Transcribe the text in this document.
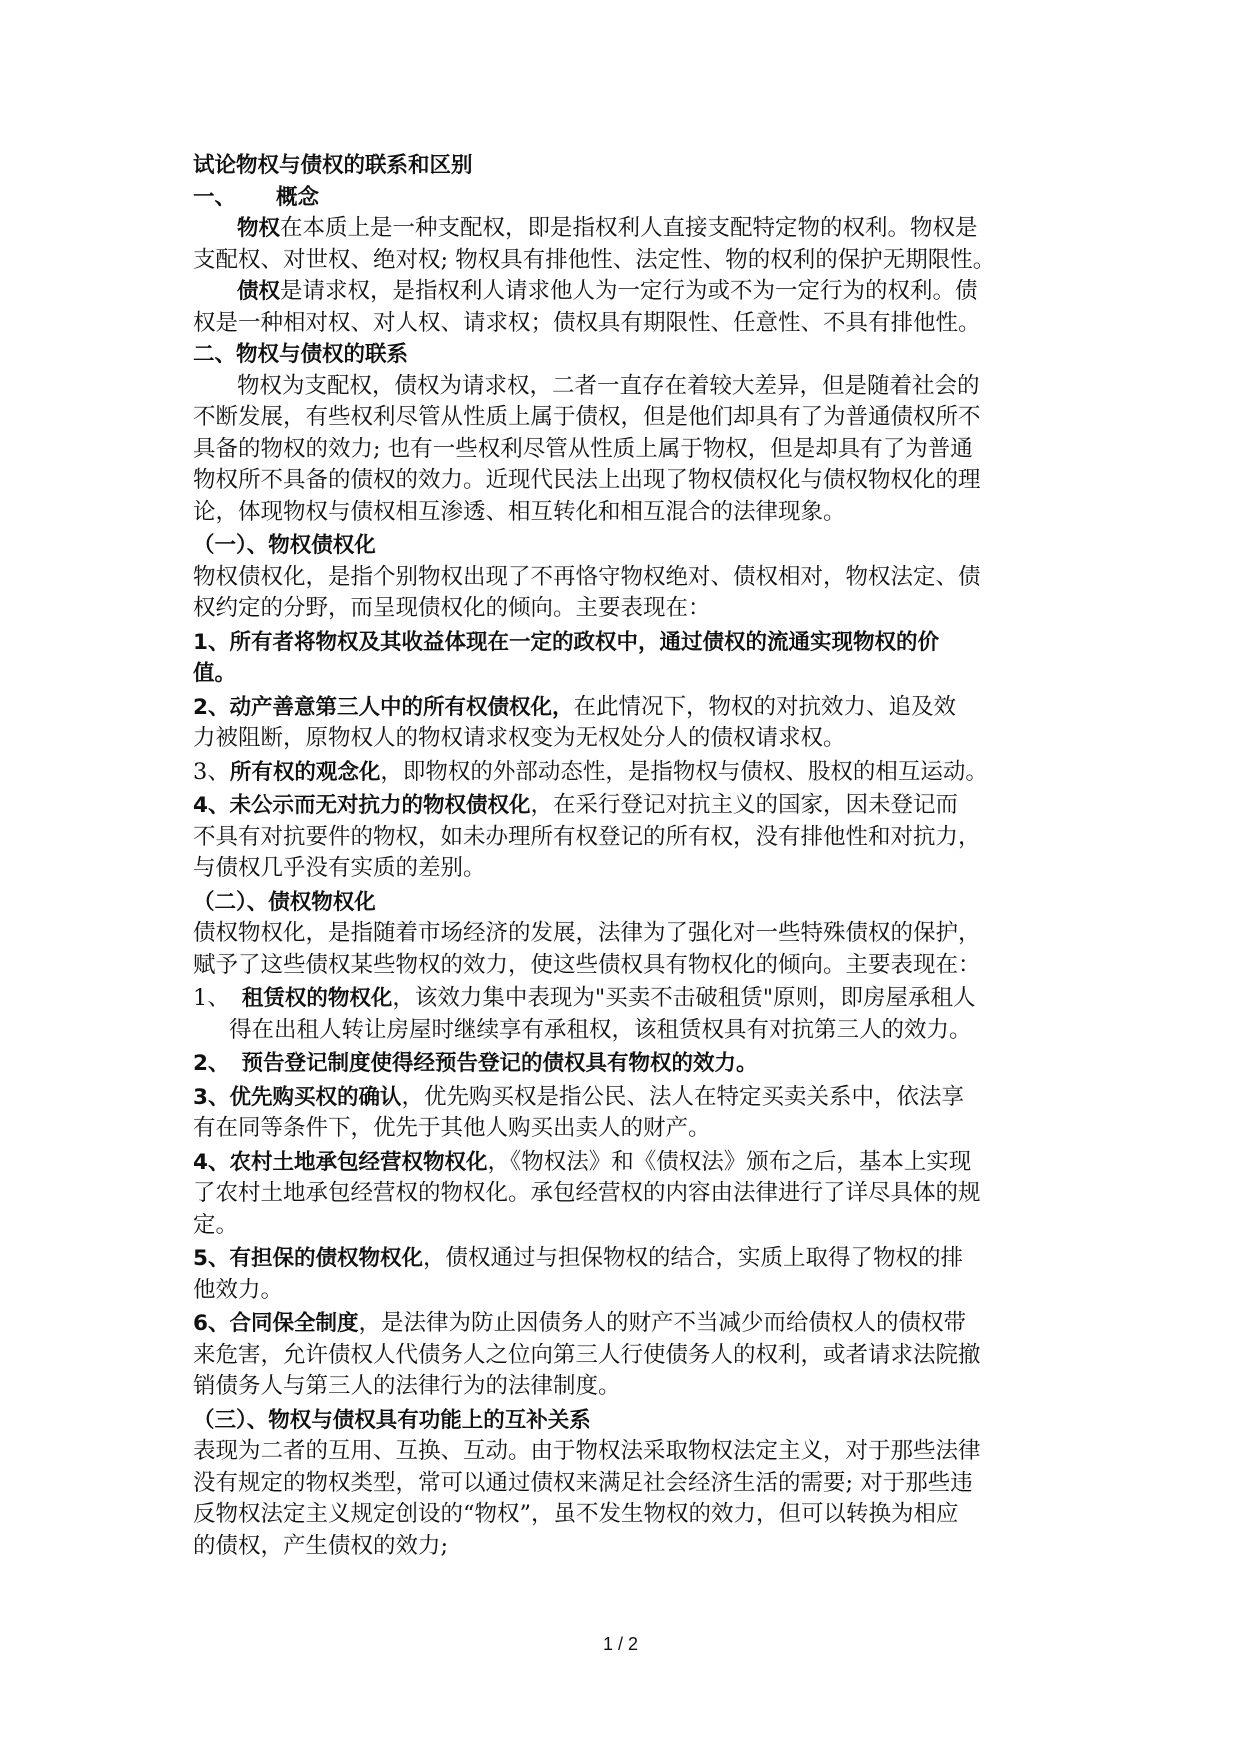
试论物权与债权的联系和区别
一、 概念
物权在本质上是一种支配权，即是指权利人直接支配特定物的权利。物权是
支配权、对世权、绝对权; 物权具有排他性、法定性、物的权利的保护无期限性。
债权是请求权，是指权利人请求他人为一定行为或不为一定行为的权利。债
权是一种相对权、对人权、请求权；债权具有期限性、任意性、不具有排他性。
二、物权与债权的联系
物权为支配权，债权为请求权，二者一直存在着较大差异，但是随着社会的
不断发展，有些权利尽管从性质上属于债权，但是他们却具有了为普通债权所不
具备的物权的效力; 也有一些权利尽管从性质上属于物权，但是却具有了为普通
物权所不具备的债权的效力。近现代民法上出现了物权债权化与债权物权化的理
论，体现物权与债权相互渗透、相互转化和相互混合的法律现象。
（一）、物权债权化
物权债权化，是指个别物权出现了不再恪守物权绝对、债权相对，物权法定、债
权约定的分野，而呈现债权化的倾向。主要表现在：
1、所有者将物权及其收益体现在一定的政权中，通过债权的流通实现物权的价
值。
2、动产善意第三人中的所有权债权化，在此情况下，物权的对抗效力、追及效
力被阻断，原物权人的物权请求权变为无权处分人的债权请求权。
3、所有权的观念化，即物权的外部动态性，是指物权与债权、股权的相互运动。
4、未公示而无对抗力的物权债权化，在采行登记对抗主义的国家，因未登记而
不具有对抗要件的物权，如未办理所有权登记的所有权，没有排他性和对抗力，
与债权几乎没有实质的差别。
（二）、债权物权化
债权物权化，是指随着市场经济的发展，法律为了强化对一些特殊债权的保护，
赋予了这些债权某些物权的效力，使这些债权具有物权化的倾向。主要表现在：
1、 租赁权的物权化，该效力集中表现为"买卖不击破租赁"原则，即房屋承租人
得在出租人转让房屋时继续享有承租权，该租赁权具有对抗第三人的效力。
2、 预告登记制度使得经预告登记的债权具有物权的效力。
3、优先购买权的确认，优先购买权是指公民、法人在特定买卖关系中，依法享
有在同等条件下，优先于其他人购买出卖人的财产。
4、农村土地承包经营权物权化，《物权法》和《债权法》颁布之后，基本上实现
了农村土地承包经营权的物权化。承包经营权的内容由法律进行了详尽具体的规
定。
5、有担保的债权物权化，债权通过与担保物权的结合，实质上取得了物权的排
他效力。
6、合同保全制度，是法律为防止因债务人的财产不当减少而给债权人的债权带
来危害，允许债权人代债务人之位向第三人行使债务人的权利，或者请求法院撤
销债务人与第三人的法律行为的法律制度。
（三）、物权与债权具有功能上的互补关系
表现为二者的互用、互换、互动。由于物权法采取物权法定主义，对于那些法律
没有规定的物权类型，常可以通过债权来满足社会经济生活的需要; 对于那些违
反物权法定主义规定创设的“物权”，虽不发生物权的效力，但可以转换为相应
的债权，产生债权的效力;
1 / 2
